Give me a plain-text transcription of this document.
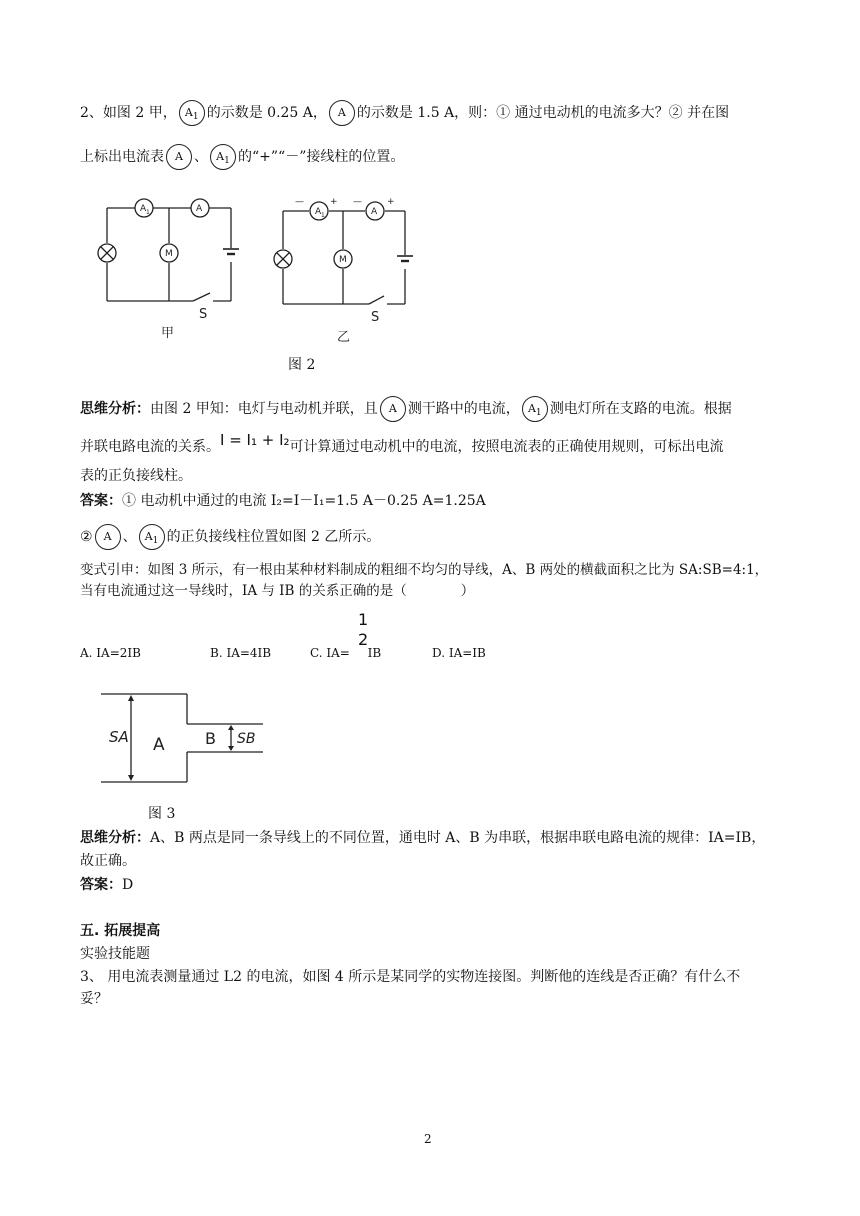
2、如图 2 甲， $A_1$ 的示数是 0.25 A， A 的示数是 1.5 A，则：① 通过电动机的电流多大？② 并在图
上标出电流表 A 、 $A_1$ 的“+”“－”接线柱的位置。
A 1	A
M
S
甲
A 1	A
M
—	+ —	+
S
乙
图 2
思维分析：由图 2 甲知：电灯与电动机并联，且 A 测干路中的电流， $A_1$ 测电灯所在支路的电流。根据
并联电路电流的关系。I = I₁ + I₂可计算通过电动机中的电流，按照电流表的正确使用规则，可标出电流
表的正负接线柱。
答案：① 电动机中通过的电流 I₂=I－I₁=1.5 A－0.25 A=1.25A
② A 、 $A_1$ 的正负接线柱位置如图 2 乙所示。
变式引申：如图 3 所示，有一根由某种材料制成的粗细不均匀的导线，A、B 两处的横截面积之比为 SA:SB=4:1，
当有电流通过这一导线时，IA 与 IB 的关系正确的是（　　　　）
A. IA=2IB	B. IA=4IB	C. IA=
1
2
IB	D. IA=IB
SA	SB
A	B
图 3
思维分析：A、B 两点是同一条导线上的不同位置，通电时 A、B 为串联，根据串联电路电流的规律：IA=IB，
故正确。
答案：D
五. 拓展提高
实验技能题
3、 用电流表测量通过 L2 的电流，如图 4 所示是某同学的实物连接图。判断他的连线是否正确？有什么不
妥？
2
